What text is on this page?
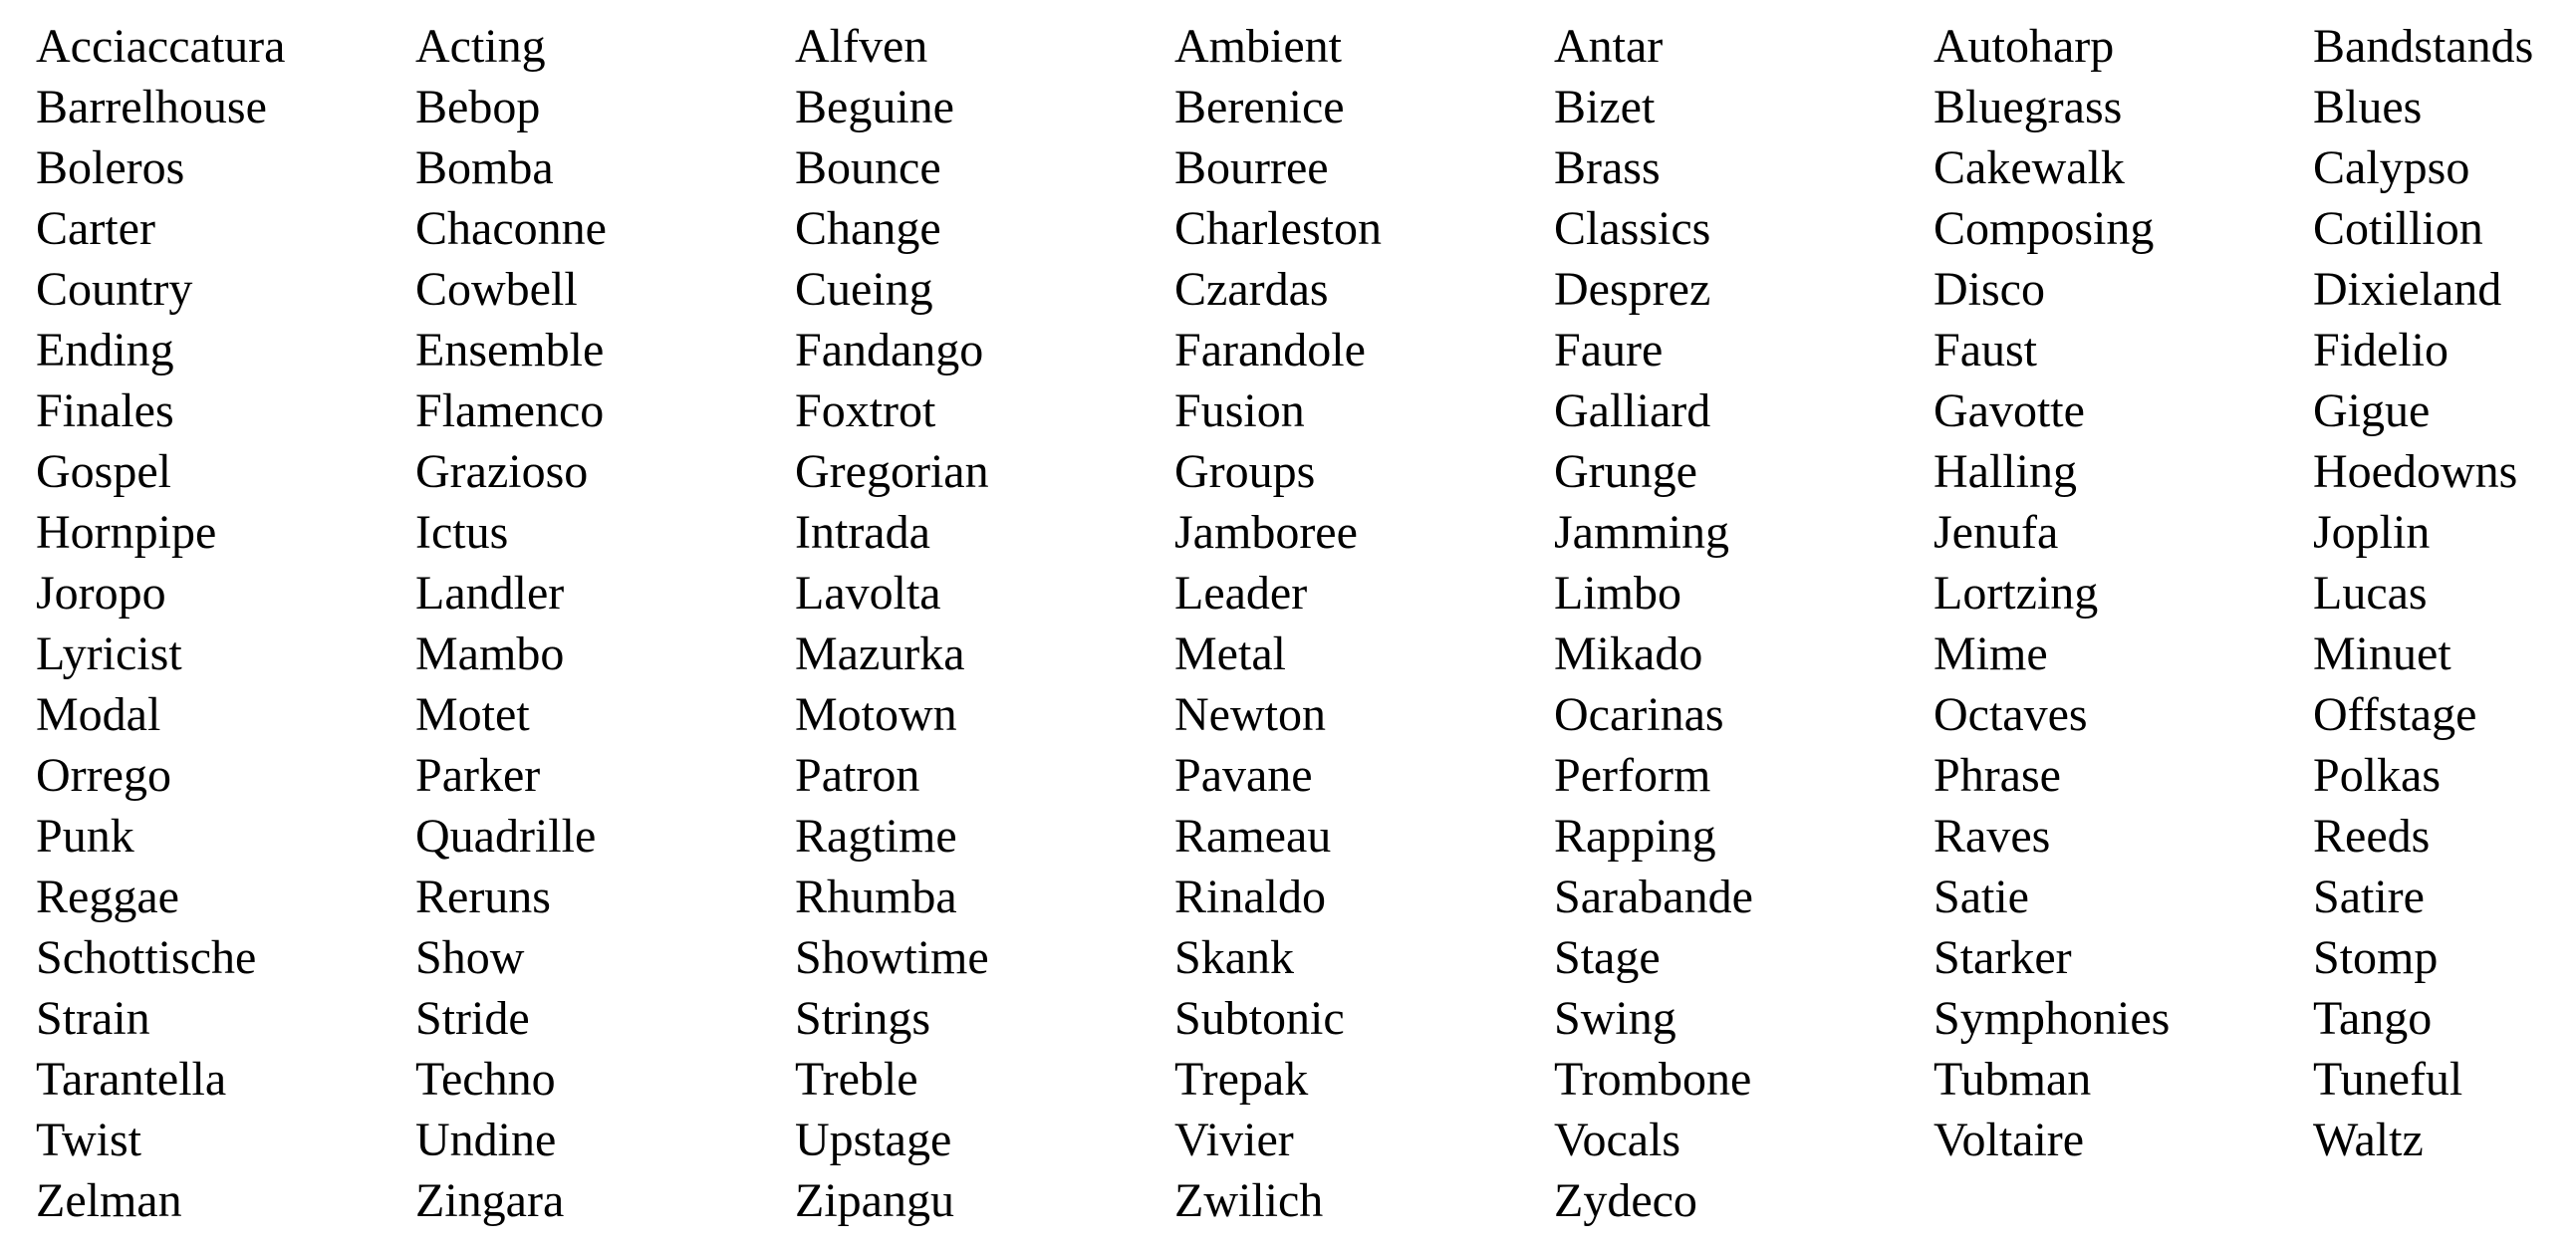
Acciaccatura	Acting	Alfven	Ambient	Antar	Autoharp	Bandstands
Barrelhouse	Bebop	Beguine	Berenice	Bizet	Bluegrass	Blues
Boleros	Bomba	Bounce	Bourree	Brass	Cakewalk	Calypso
Carter	Chaconne	Change	Charleston	Classics	Composing	Cotillion
Country	Cowbell	Cueing	Czardas	Desprez	Disco	Dixieland
Ending	Ensemble	Fandango	Farandole	Faure	Faust	Fidelio
Finales	Flamenco	Foxtrot	Fusion	Galliard	Gavotte	Gigue
Gospel	Grazioso	Gregorian	Groups	Grunge	Halling	Hoedowns
Hornpipe	Ictus	Intrada	Jamboree	Jamming	Jenufa	Joplin
Joropo	Landler	Lavolta	Leader	Limbo	Lortzing	Lucas
Lyricist	Mambo	Mazurka	Metal	Mikado	Mime	Minuet
Modal	Motet	Motown	Newton	Ocarinas	Octaves	Offstage
Orrego	Parker	Patron	Pavane	Perform	Phrase	Polkas
Punk	Quadrille	Ragtime	Rameau	Rapping	Raves	Reeds
Reggae	Reruns	Rhumba	Rinaldo	Sarabande	Satie	Satire
Schottische	Show	Showtime	Skank	Stage	Starker	Stomp
Strain	Stride	Strings	Subtonic	Swing	Symphonies	Tango
Tarantella	Techno	Treble	Trepak	Trombone	Tubman	Tuneful
Twist	Undine	Upstage	Vivier	Vocals	Voltaire	Waltz
Zelman	Zingara	Zipangu	Zwilich	Zydeco
